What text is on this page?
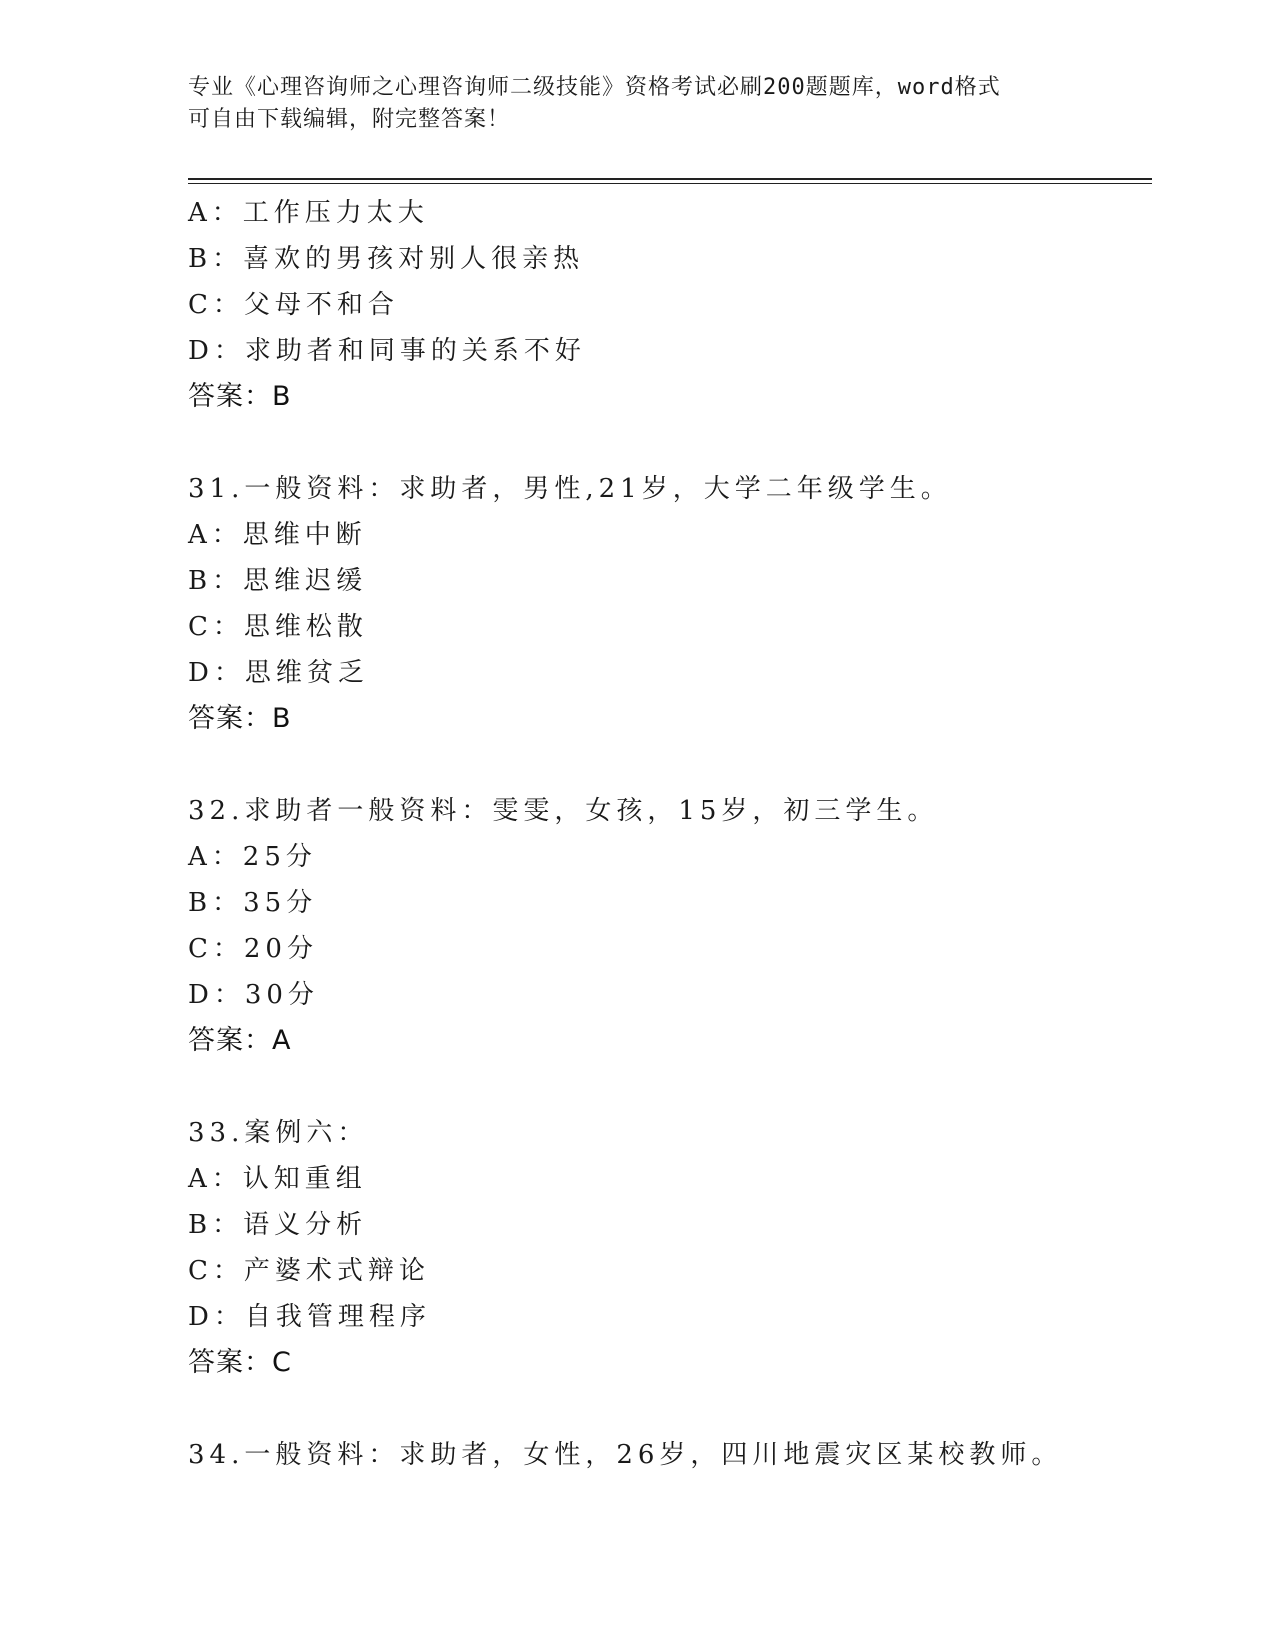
专业《心理咨询师之心理咨询师二级技能》资格考试必刷200题题库，word格式
可自由下载编辑，附完整答案！
A：工作压力太大
B：喜欢的男孩对别人很亲热
C：父母不和合
D：求助者和同事的关系不好
答案：B
31.一般资料：求助者，男性,21岁，大学二年级学生。
A：思维中断
B：思维迟缓
C：思维松散
D：思维贫乏
答案：B
32.求助者一般资料：雯雯，女孩，15岁，初三学生。
A：25分
B：35分
C：20分
D：30分
答案：A
33.案例六：
A：认知重组
B：语义分析
C：产婆术式辩论
D：自我管理程序
答案：C
34.一般资料：求助者，女性，26岁，四川地震灾区某校教师。
